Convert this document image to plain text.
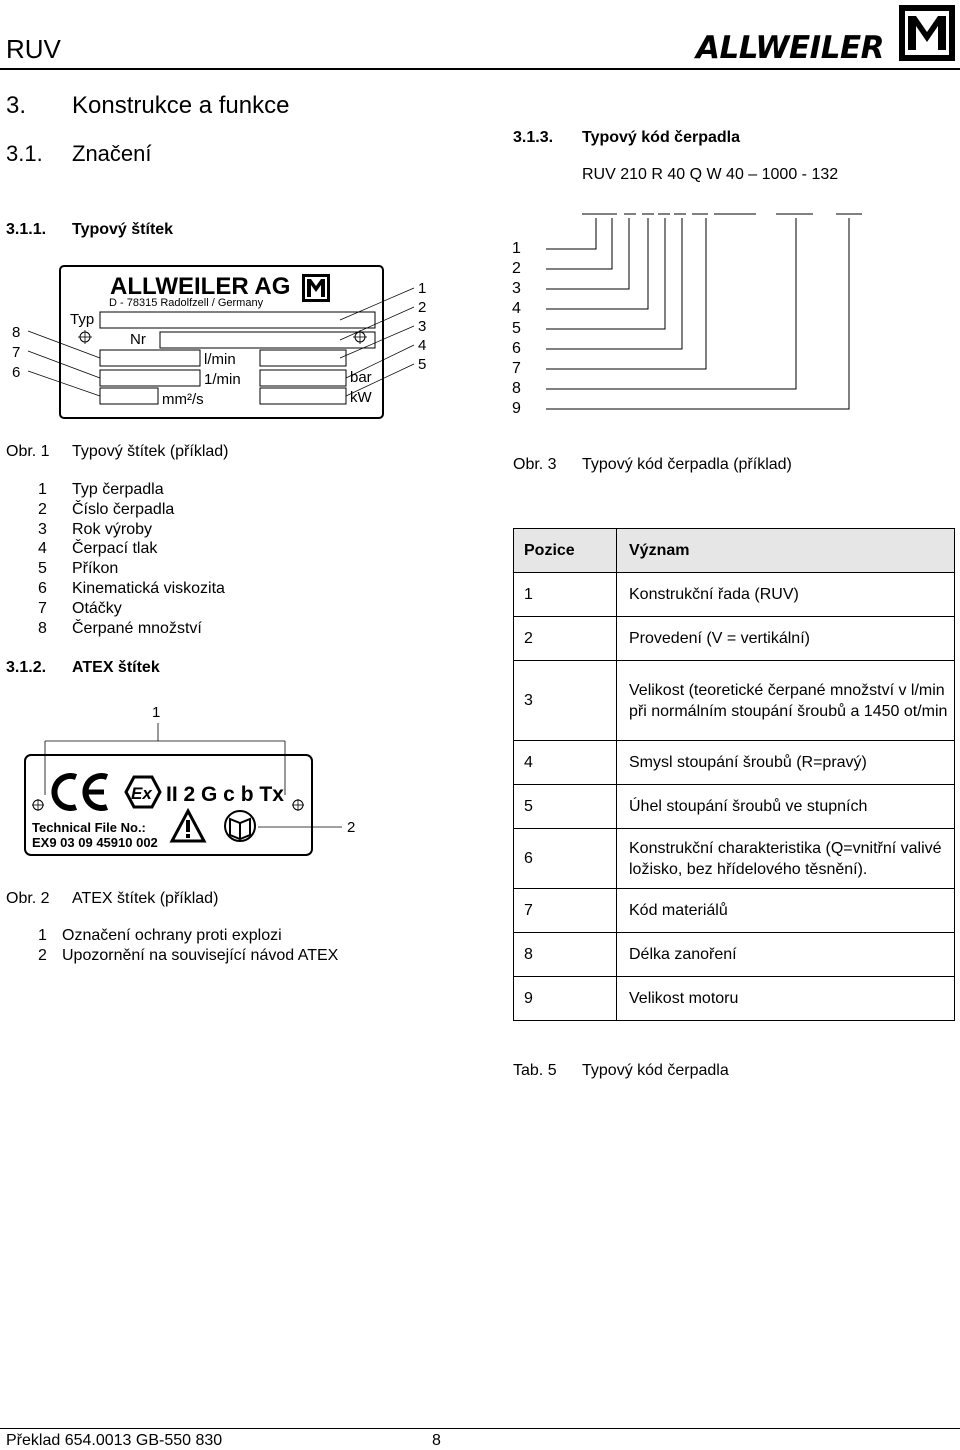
RUV	ALLWEILER
3. Konstrukce a funkce
3.1. Značení
3.1.1. Typový štítek
ALLWEILER AG
D - 78315 Radolfzell / Germany
Typ
Nr
l/min
1/min	bar
mm²/s	kW
8
7
6
1
2
3
4
5
Obr. 1 Typový štítek (příklad)
1 Typ čerpadla
2 Číslo čerpadla
3 Rok výroby
4 Čerpací tlak
5 Příkon
6 Kinematická viskozita
7 Otáčky
8 Čerpané množství
3.1.2. ATEX štítek
1
Ex II 2 G c b Tx
Technical File No.:
EX9 03 09 45910 002
2
Obr. 2 ATEX štítek (příklad)
1 Označení ochrany proti explozi
2 Upozornění na související návod ATEX
3.1.3. Typový kód čerpadla
RUV 210 R 40 Q W 40 – 1000 - 132
1
2
3
4
5
6
7
8
9
Obr. 3 Typový kód čerpadla (příklad)
Pozice	Význam
1	Konstrukční řada (RUV)
2	Provedení (V = vertikální)
3	Velikost (teoretické čerpané množství v l/min při normálním stoupání šroubů a 1450 ot/min
4	Smysl stoupání šroubů (R=pravý)
5	Úhel stoupání šroubů ve stupních
6	Konstrukční charakteristika (Q=vnitřní valivé ložisko, bez hřídelového těsnění).
7	Kód materiálů
8	Délka zanoření
9	Velikost motoru
Tab. 5 Typový kód čerpadla
Překlad 654.0013 GB-550 830	8
